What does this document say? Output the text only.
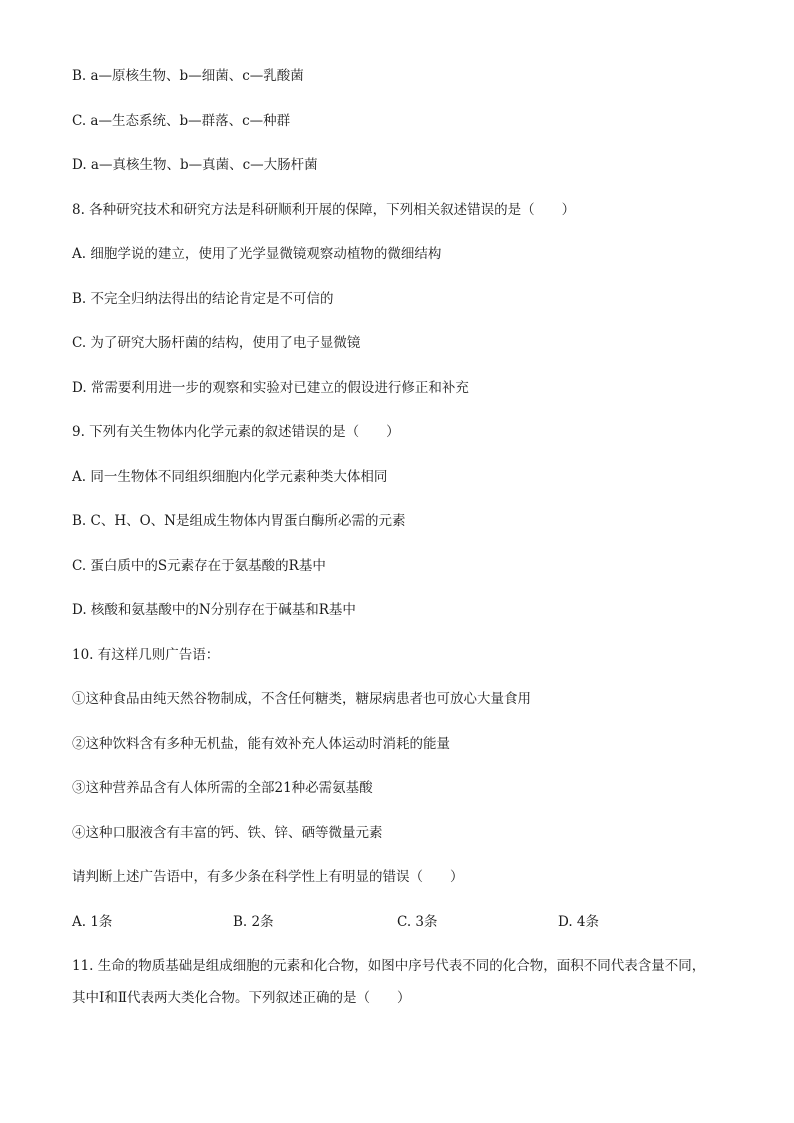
B. a—原核生物、b—细菌、c—乳酸菌
C. a—生态系统、b—群落、c—种群
D. a—真核生物、b—真菌、c—大肠杆菌
8. 各种研究技术和研究方法是科研顺利开展的保障，下列相关叙述错误的是（　　）
A. 细胞学说的建立，使用了光学显微镜观察动植物的微细结构
B. 不完全归纳法得出的结论肯定是不可信的
C. 为了研究大肠杆菌的结构，使用了电子显微镜
D. 常需要利用进一步的观察和实验对已建立的假设进行修正和补充
9. 下列有关生物体内化学元素的叙述错误的是（　　）
A. 同一生物体不同组织细胞内化学元素种类大体相同
B. C、H、O、N是组成生物体内胃蛋白酶所必需的元素
C. 蛋白质中的S元素存在于氨基酸的R基中
D. 核酸和氨基酸中的N分别存在于碱基和R基中
10. 有这样几则广告语：
①这种食品由纯天然谷物制成，不含任何糖类，糖尿病患者也可放心大量食用
②这种饮料含有多种无机盐，能有效补充人体运动时消耗的能量
③这种营养品含有人体所需的全部21种必需氨基酸
④这种口服液含有丰富的钙、铁、锌、硒等微量元素
请判断上述广告语中，有多少条在科学性上有明显的错误（　　）
A. 1条	B. 2条	C. 3条	D. 4条
11. 生命的物质基础是组成细胞的元素和化合物，如图中序号代表不同的化合物，面积不同代表含量不同，
其中Ⅰ和Ⅱ代表两大类化合物。下列叙述正确的是（　　）
